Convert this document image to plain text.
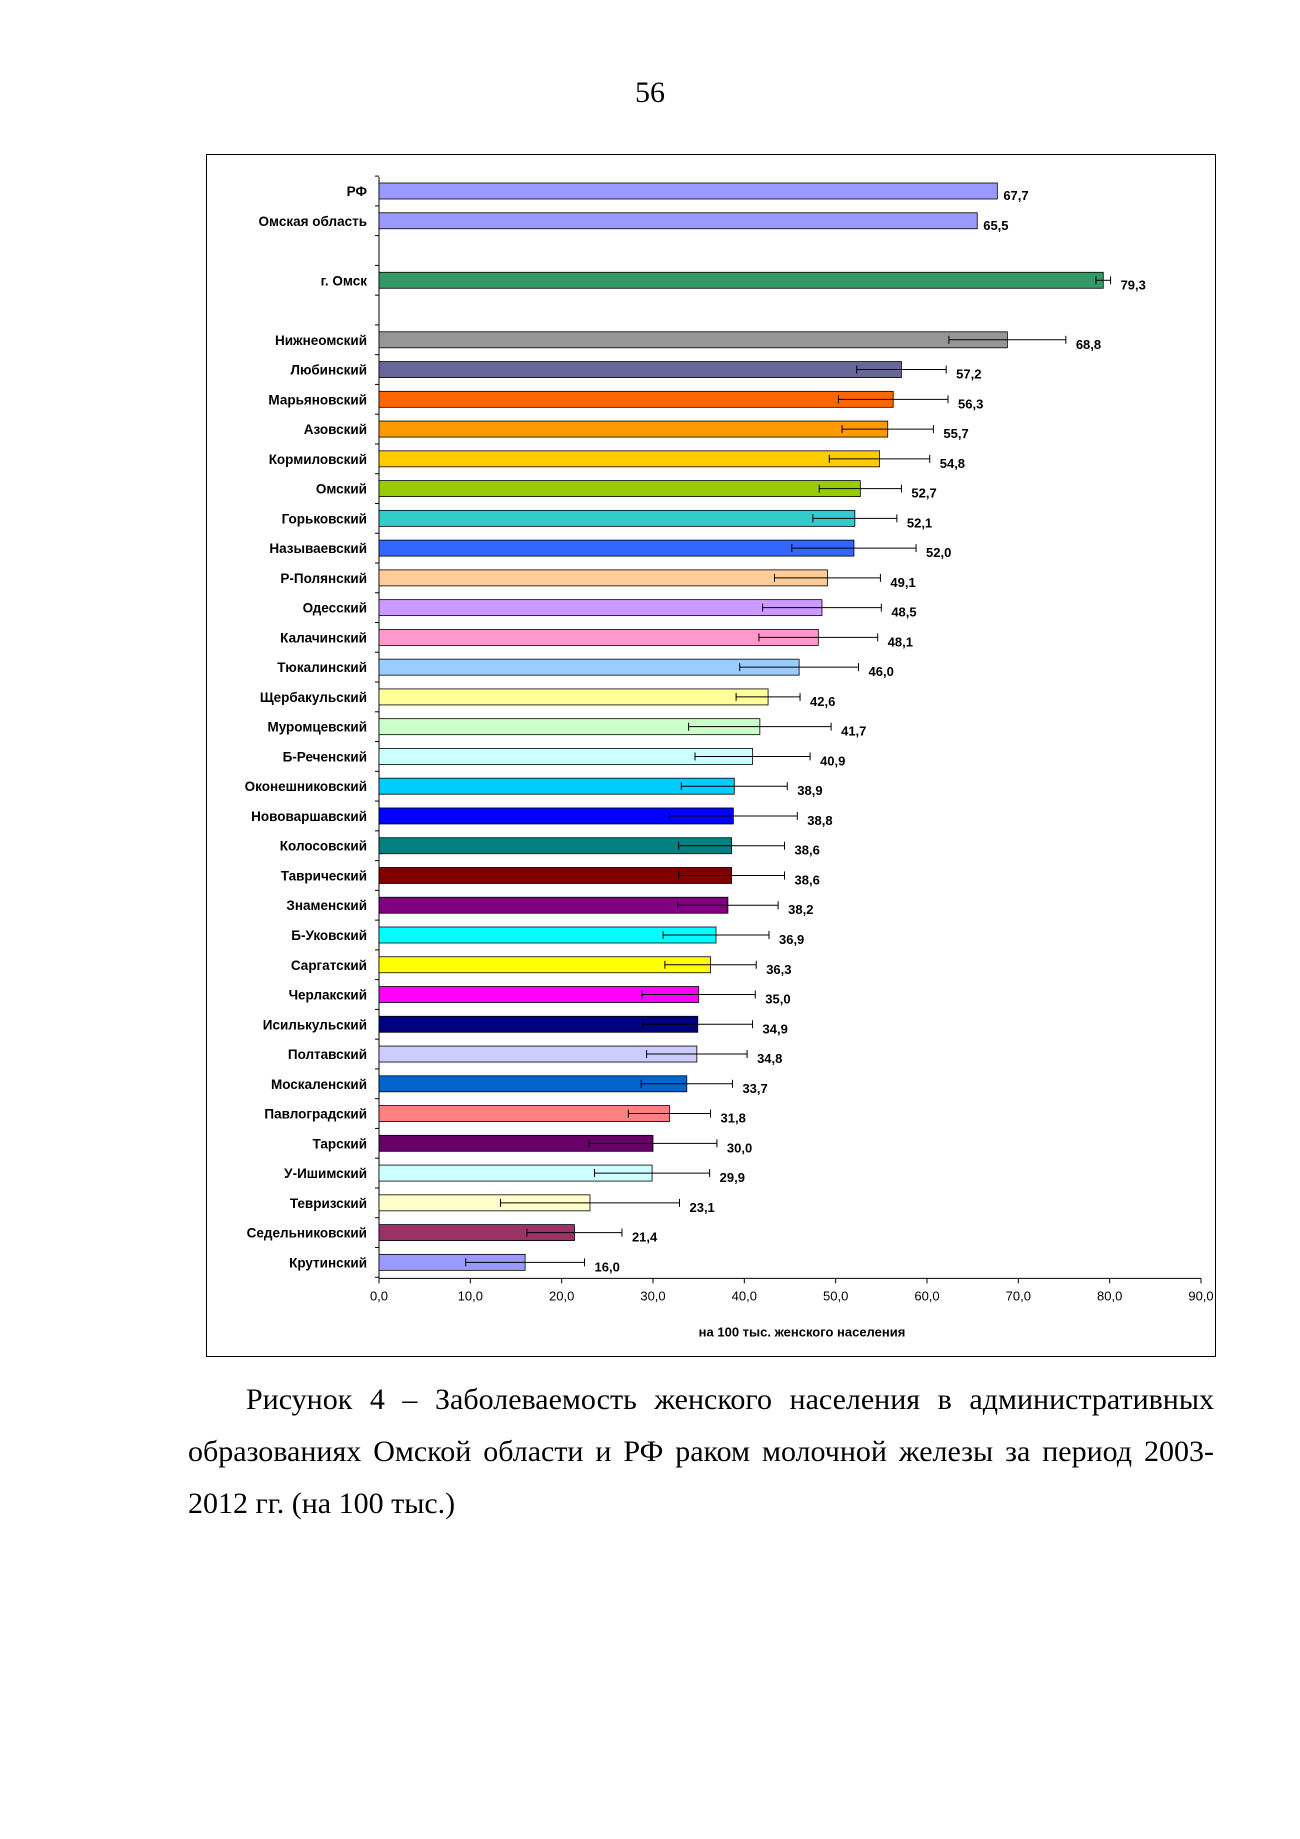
56
0,0	10,0	20,0	30,0	40,0	50,0	60,0	70,0	80,0	90,0
на 100 тыс. женского населения
РФ	67,7
Омская область	65,5
г. Омск	79,3
Нижнеомский	68,8
Любинский	57,2
Марьяновский	56,3
Азовский	55,7
Кормиловский	54,8
Омский	52,7
Горьковский	52,1
Называевский	52,0
Р-Полянский	49,1
Одесский	48,5
Калачинский	48,1
Тюкалинский	46,0
Щербакульский	42,6
Муромцевский	41,7
Б-Реченский	40,9
Оконешниковский	38,9
Нововаршавский	38,8
Колосовский	38,6
Таврический	38,6
Знаменский	38,2
Б-Уковский	36,9
Саргатский	36,3
Черлакский	35,0
Исилькульский	34,9
Полтавский	34,8
Москаленский	33,7
Павлоградский	31,8
Тарский	30,0
У-Ишимский	29,9
Тевризский	23,1
Седельниковский	21,4
Крутинский	16,0
Рисунок 4 – Заболеваемость женского населения в административных образованиях Омской области и РФ раком молочной железы за период 2003-2012 гг. (на 100 тыс.)
